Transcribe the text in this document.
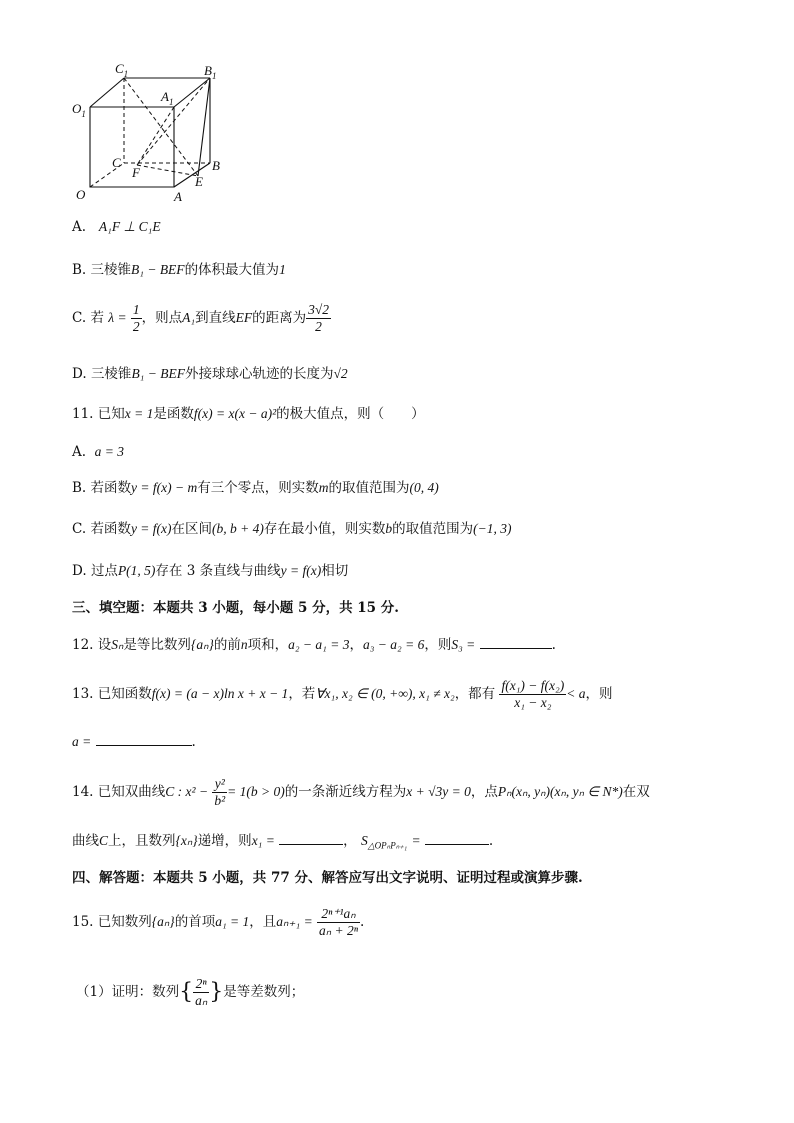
$C_1$	$B_1$
$A_1$
$O_1$
C
F	B
E
O	A
A. A₁F ⊥ C₁E
B. 三棱锥B₁ − BEF的体积最大值为1
C. 若 $\lambda = \frac{1}{2}$ ，则点A₁到直线EF的距离为 $\frac{3√2}{2}$
D. 三棱锥B₁ − BEF外接球球心轨迹的长度为√2
11. 已知x = 1是函数f(x) = x(x − a)²的极大值点，则（　　）
A. a = 3
B. 若函数y = f(x) − m有三个零点，则实数m的取值范围为(0, 4)
C. 若函数y = f(x)在区间(b, b + 4)存在最小值，则实数b的取值范围为(−1, 3)
D. 过点P(1, 5)存在 3 条直线与曲线y = f(x)相切
三、填空题：本题共 3 小题，每小题 5 分，共 15 分.
12. 设Sₙ是等比数列{aₙ}的前n项和，a₂ − a₁ = 3，a₃ − a₂ = 6，则S₃ =	.
13. 已知函数f(x) = (a − x)ln x + x − 1，若∀x₁, x₂ ∈ (0, +∞), x₁ ≠ x₂，都有 $\frac{\text{f(x₁) − f(x₂)}}{\text{x₁ − x₂}} < a$，则
a =	.
14. 已知双曲线C : $x^2 - \frac{\text{y²}}{\text{b²}} = 1(b > 0)$的一条渐近线方程为x + √3y = 0，点Pₙ(xₙ, yₙ)(xₙ, yₙ ∈ N*)在双
曲线C上，且数列{xₙ}递增，则x₁ =	， $S_{\triangle OP_nP_{n+1}}$ =	.
四、解答题：本题共 5 小题，共 77 分、解答应写出文字说明、证明过程或演算步骤.
15. 已知数列{aₙ}的首项a₁ = 1，且$a_{n+1} = \frac{\text{2ⁿ⁺¹aₙ}}{\text{aₙ + 2ⁿ}}$ .
（1）证明：数列{ $\frac{\text{2ⁿ}}{\text{aₙ}}$ }是等差数列；
